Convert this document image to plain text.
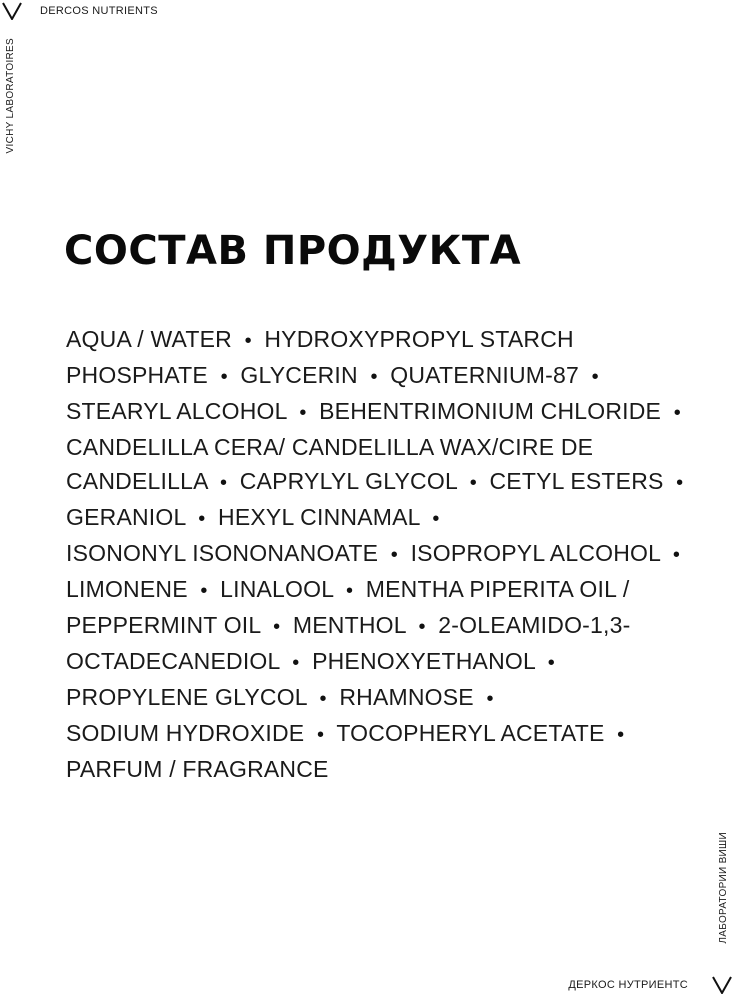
DERCOS NUTRIENTS
VICHY LABORATOIRES
СОСТАВ ПРОДУКТА

AQUA / WATER • HYDROXYPROPYL STARCH PHOSPHATE • GLYCERIN • QUATERNIUM-87 • STEARYL ALCOHOL • BEHENTRIMONIUM CHLORIDE • CANDELILLA CERA/ CANDELILLA WAX/CIRE DE CANDELILLA • CAPRYLYL GLYCOL • CETYL ESTERS • GERANIOL • HEXYL CINNAMAL • ISONONYL ISONONANOATE • ISOPROPYL ALCOHOL • LIMONENE • LINALOOL • MENTHA PIPERITA OIL / PEPPERMINT OIL • MENTHOL • 2-OLEAMIDO-1,3-OCTADECANEDIOL • PHENOXYETHANOL • PROPYLENE GLYCOL • RHAMNOSE • SODIUM HYDROXIDE • TOCOPHERYL ACETATE • PARFUM / FRAGRANCE

ЛАБОРАТОРИИ ВИШИ
ДЕРКОС НУТРИЕНТС
